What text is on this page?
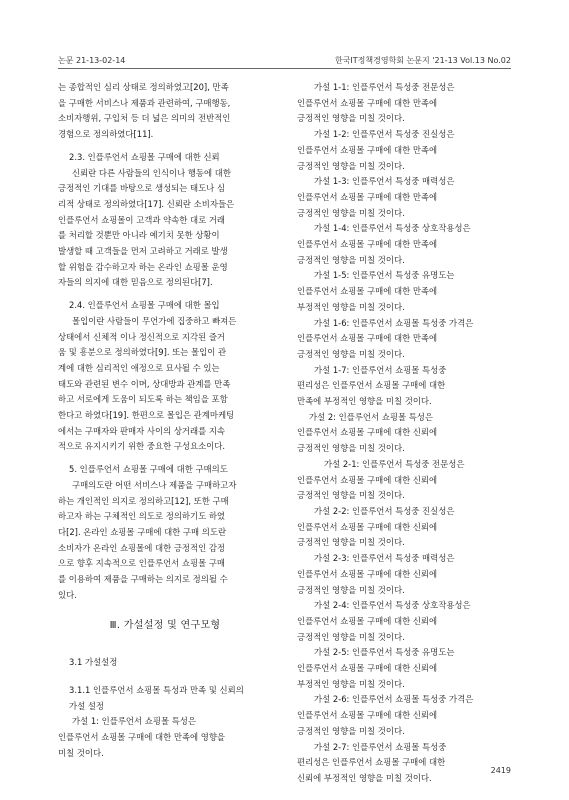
논문 21-13-02-14	한국IT정책경영학회 논문지 '21-13 Vol.13 No.02

는 종합적인 심리 상태로 정의하였고[20], 만족

을 구매한 서비스나 제품과 관련하여, 구매행동,

소비자행위, 구입처 등 더 넓은 의미의 전반적인

경험으로 정의하였다[11].

2.3. 인플루언서 쇼핑몰 구매에 대한 신뢰

신뢰란 다른 사람들의 인식이나 행동에 대한

긍정적인 기대를 바탕으로 생성되는 태도나 심

리적 상태로 정의하였다[17]. 신뢰란 소비자들은

인플루언서 쇼핑몰이 고객과 약속한 대로 거래

를 처리할 것뿐만 아니라 예기치 못한 상황이

발생할 때 고객들을 먼저 고려하고 거래로 발생

할 위험을 감수하고자 하는 온라인 쇼핑몰 운영

자들의 의지에 대한 믿음으로 정의된다[7].

2.4. 인플루언서 쇼핑몰 구매에 대한 몰입

몰입이란 사람들이 무언가에 집중하고 빠져든

상태에서 신체적 이나 정신적으로 지각된 즐거

움 및 흥분으로 정의하였다[9]. 또는 몰입이 관

계에 대한 심리적인 애정으로 묘사될 수 있는

태도와 관련된 변수 이며, 상대방과 관계를 만족

하고 서로에게 도움이 되도록 하는 책임을 포함

한다고 하였다[19]. 한편으로 몰입은 관계마케팅

에서는 구매자와 판매자 사이의 상거래를 지속

적으로 유지시키기 위한 중요한 구성요소이다.

5. 인플루언서 쇼핑몰 구매에 대한 구매의도

구매의도란 어떤 서비스나 제품을 구매하고자

하는 개인적인 의지로 정의하고[12], 또한 구매

하고자 하는 구체적인 의도로 정의하기도 하였

다[2]. 온라인 쇼핑몰 구매에 대한 구매 의도란

소비자가 온라인 쇼핑몰에 대한 긍정적인 감정

으로 향후 지속적으로 인플루언서 쇼핑몰 구매

를 이용하여 제품을 구매하는 의지로 정의될 수

있다.

Ⅲ. 가설설정 및 연구모형

3.1 가설설정

3.1.1 인플루언서 쇼핑몰 특성과 만족 및 신뢰의

가설 설정

가설 1: 인플루언서 쇼핑몰 특성은

인플루언서 쇼핑몰 구매에 대한 만족에 영향을

미칠 것이다.

가설 1-1: 인플루언서 특성중 전문성은

인플루언서 쇼핑몰 구매에 대한 만족에

긍정적인 영향을 미칠 것이다.

가설 1-2: 인플루언서 특성중 진실성은

인플루언서 쇼핑몰 구매에 대한 만족에

긍정적인 영향을 미칠 것이다.

가설 1-3: 인플루언서 특성중 매력성은

인플루언서 쇼핑몰 구매에 대한 만족에

긍정적인 영향을 미칠 것이다.

가설 1-4: 인플루언서 특성중 상호작용성은

인플루언서 쇼핑몰 구매에 대한 만족에

긍정적인 영향을 미칠 것이다.

가설 1-5: 인플루언서 특성중 유명도는

인플루언서 쇼핑몰 구매에 대한 만족에

부정적인 영향을 미칠 것이다.

가설 1-6: 인플루언서 쇼핑몰 특성중 가격은

인플루언서 쇼핑몰 구매에 대한 만족에

긍정적인 영향을 미칠 것이다.

가설 1-7: 인플루언서 쇼핑몰 특성중

편리성은 인플루언서 쇼핑몰 구매에 대한

만족에 부정적인 영향을 미칠 것이다.

가설 2: 인플루언서 쇼핑몰 특성은

인플루언서 쇼핑몰 구매에 대한 신뢰에

긍정적인 영향을 미칠 것이다.

가설 2-1: 인플루언서 특성중 전문성은

인플루언서 쇼핑몰 구매에 대한 신뢰에

긍정적인 영향을 미칠 것이다.

가설 2-2: 인플루언서 특성중 진실성은

인플루언서 쇼핑몰 구매에 대한 신뢰에

긍정적인 영향을 미칠 것이다.

가설 2-3: 인플루언서 특성중 매력성은

인플루언서 쇼핑몰 구매에 대한 신뢰에

긍정적인 영향을 미칠 것이다.

가설 2-4: 인플루언서 특성중 상호작용성은

인플루언서 쇼핑몰 구매에 대한 신뢰에

긍정적인 영향을 미칠 것이다.

가설 2-5: 인플루언서 특성중 유명도는

인플루언서 쇼핑몰 구매에 대한 신뢰에

부정적인 영향을 미칠 것이다.

가설 2-6: 인플루언서 쇼핑몰 특성중 가격은

인플루언서 쇼핑몰 구매에 대한 신뢰에

긍정적인 영향을 미칠 것이다.

가설 2-7: 인플루언서 쇼핑몰 특성중

편리성은 인플루언서 쇼핑몰 구매에 대한

신뢰에 부정적인 영향을 미칠 것이다.

2419
